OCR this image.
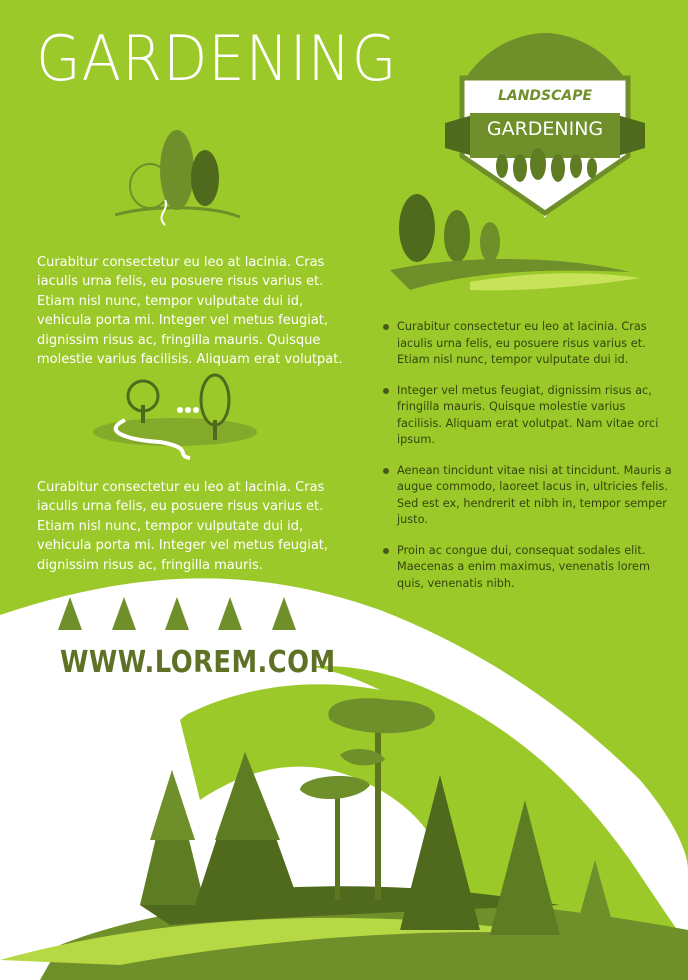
LANDSCAPE
GARDENING
GARDENING

Curabitur consectetur eu leo at lacinia. Cras iaculis urna felis, eu posuere risus varius et. Etiam nisl nunc, tempor vulputate dui id, vehicula porta mi. Integer vel metus feugiat, dignissim risus ac, fringilla mauris. Quisque molestie varius facilisis. Aliquam erat volutpat.

Curabitur consectetur eu leo at lacinia. Cras iaculis urna felis, eu posuere risus varius et. Etiam nisl nunc, tempor vulputate dui id, vehicula porta mi. Integer vel metus feugiat, dignissim risus ac, fringilla mauris.

Curabitur consectetur eu leo at lacinia. Cras iaculis urna felis, eu posuere risus varius et. Etiam nisl nunc, tempor vulputate dui id.
Integer vel metus feugiat, dignissim risus ac, fringilla mauris. Quisque molestie varius facilisis. Aliquam erat volutpat. Nam vitae orci ipsum.
Aenean tincidunt vitae nisi at tincidunt. Mauris a augue commodo, laoreet lacus in, ultricies felis. Sed est ex, hendrerit et nibh in, tempor semper justo.
Proin ac congue dui, consequat sodales elit. Maecenas a enim maximus, venenatis lorem quis, venenatis nibh.
WWW.LOREM.COM
